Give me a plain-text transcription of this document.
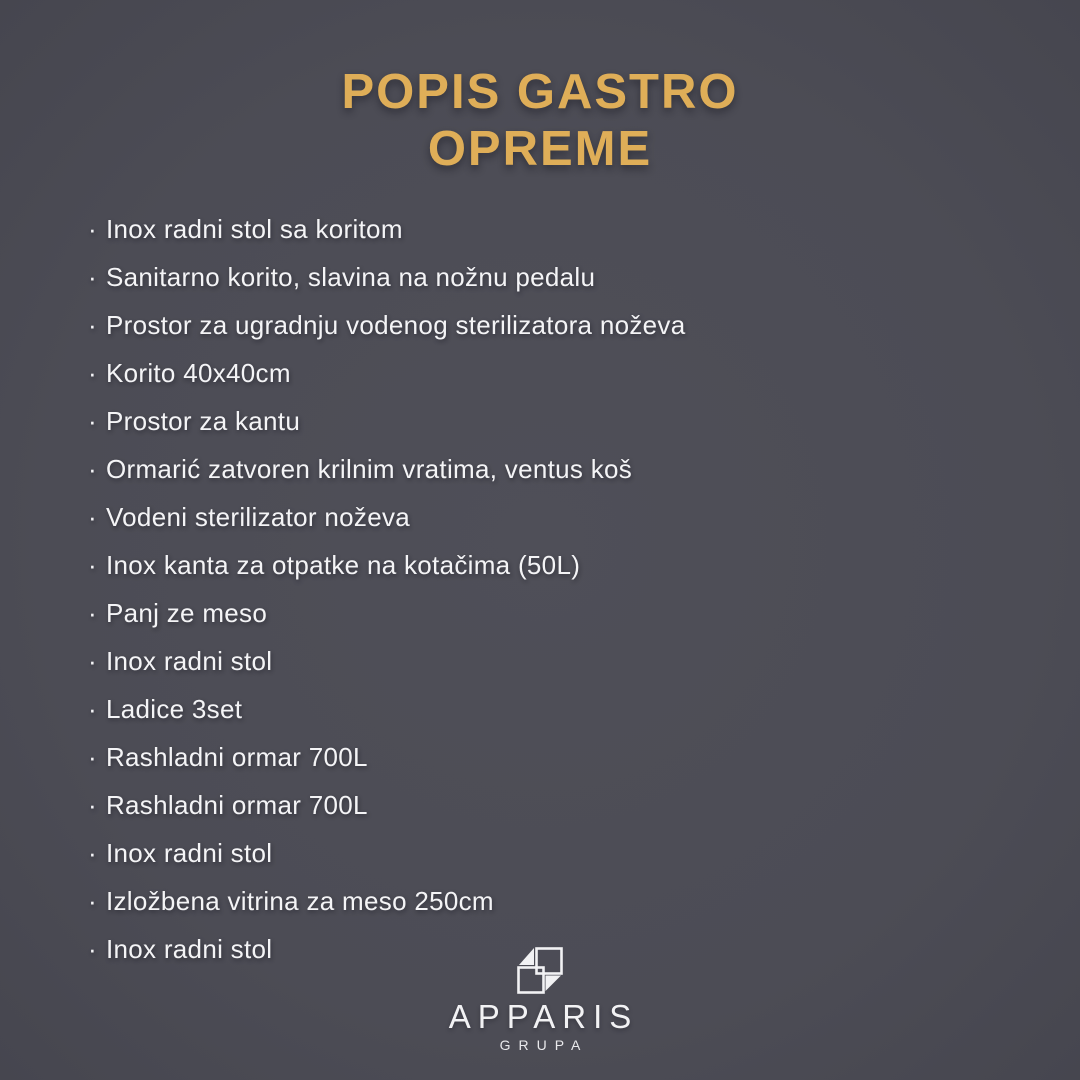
POPIS GASTRO
OPREME
· Inox radni stol sa koritom
· Sanitarno korito, slavina na nožnu pedalu
· Prostor za ugradnju vodenog sterilizatora noževa
· Korito 40x40cm
· Prostor za kantu
· Ormarić zatvoren krilnim vratima, ventus koš
· Vodeni sterilizator noževa
· Inox kanta za otpatke na kotačima (50L)
· Panj ze meso
· Inox radni stol
· Ladice 3set
· Rashladni ormar 700L
· Rashladni ormar 700L
· Inox radni stol
· Izložbena vitrina za meso 250cm
· Inox radni stol
APPARIS
GRUPA
